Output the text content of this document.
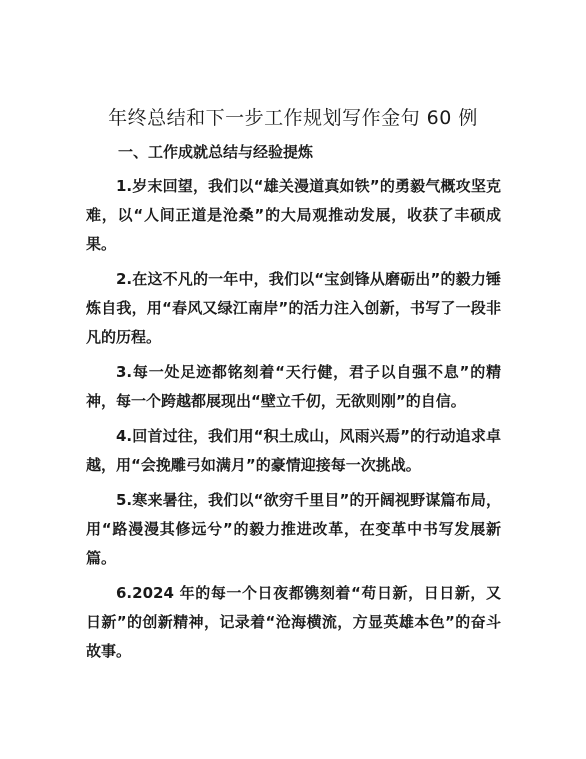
年终总结和下一步工作规划写作金句 60 例
一、工作成就总结与经验提炼

1.岁末回望，我们以“雄关漫道真如铁”的勇毅气概攻坚克难，以“人间正道是沧桑”的大局观推动发展，收获了丰硕成果。

2.在这不凡的一年中，我们以“宝剑锋从磨砺出”的毅力锤炼自我，用“春风又绿江南岸”的活力注入创新，书写了一段非凡的历程。

3.每一处足迹都铭刻着“天行健，君子以自强不息”的精神，每一个跨越都展现出“壁立千仞，无欲则刚”的自信。

4.回首过往，我们用“积土成山，风雨兴焉”的行动追求卓越，用“会挽雕弓如满月”的豪情迎接每一次挑战。

5.寒来暑往，我们以“欲穷千里目”的开阔视野谋篇布局，用“路漫漫其修远兮”的毅力推进改革，在变革中书写发展新篇。

6.2024 年的每一个日夜都镌刻着“苟日新，日日新，又日新”的创新精神，记录着“沧海横流，方显英雄本色”的奋斗故事。
